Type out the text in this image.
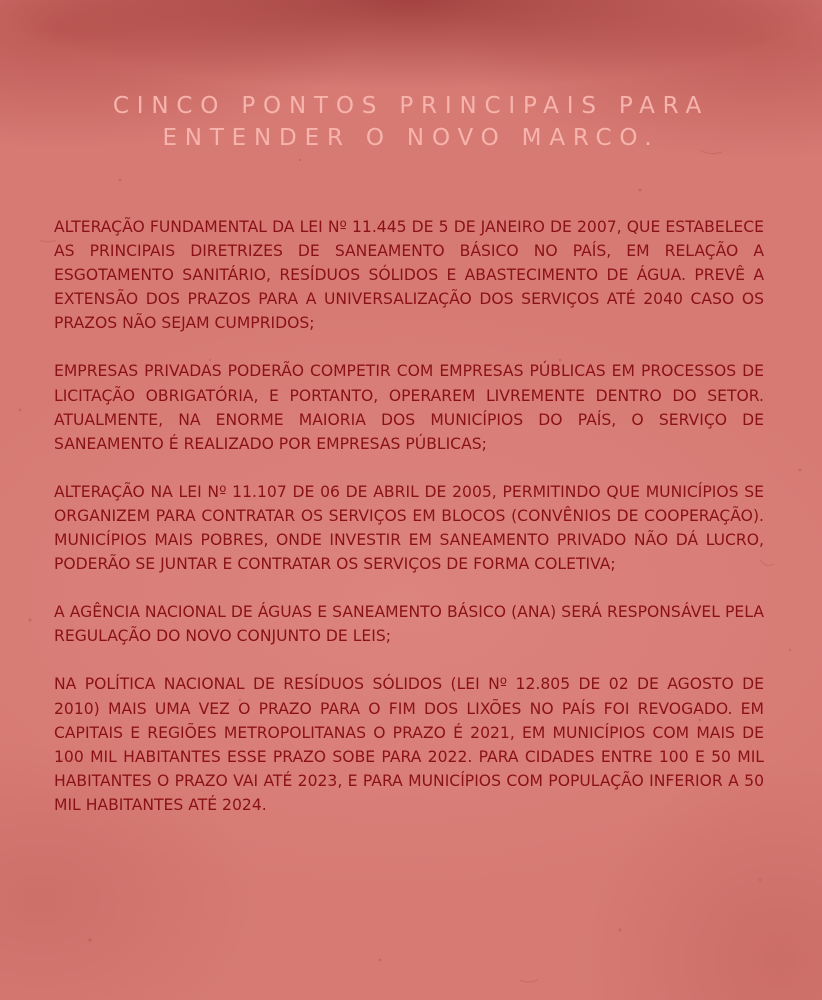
CINCO PONTOS PRINCIPAIS PARA
ENTENDER O NOVO MARCO.

ALTERAÇÃO FUNDAMENTAL DA LEI Nº 11.445 DE 5 DE JANEIRO DE 2007, QUE ESTABELECE AS PRINCIPAIS DIRETRIZES DE SANEAMENTO BÁSICO NO PAÍS, EM RELAÇÃO A ESGOTAMENTO SANITÁRIO, RESÍDUOS SÓLIDOS E ABASTECIMENTO DE ÁGUA. PREVÊ A EXTENSÃO DOS PRAZOS PARA A UNIVERSALIZAÇÃO DOS SERVIÇOS ATÉ 2040 CASO OS PRAZOS NÃO SEJAM CUMPRIDOS;

EMPRESAS PRIVADAS PODERÃO COMPETIR COM EMPRESAS PÚBLICAS EM PROCESSOS DE LICITAÇÃO OBRIGATÓRIA, E PORTANTO, OPERAREM LIVREMENTE DENTRO DO SETOR. ATUALMENTE, NA ENORME MAIORIA DOS MUNICÍPIOS DO PAÍS, O SERVIÇO DE SANEAMENTO É REALIZADO POR EMPRESAS PÚBLICAS;

ALTERAÇÃO NA LEI Nº 11.107 DE 06 DE ABRIL DE 2005, PERMITINDO QUE MUNICÍPIOS SE ORGANIZEM PARA CONTRATAR OS SERVIÇOS EM BLOCOS (CONVÊNIOS DE COOPERAÇÃO). MUNICÍPIOS MAIS POBRES, ONDE INVESTIR EM SANEAMENTO PRIVADO NÃO DÁ LUCRO, PODERÃO SE JUNTAR E CONTRATAR OS SERVIÇOS DE FORMA COLETIVA;

A AGÊNCIA NACIONAL DE ÁGUAS E SANEAMENTO BÁSICO (ANA) SERÁ RESPONSÁVEL PELA REGULAÇÃO DO NOVO CONJUNTO DE LEIS;

NA POLÍTICA NACIONAL DE RESÍDUOS SÓLIDOS (LEI Nº 12.805 DE 02 DE AGOSTO DE 2010) MAIS UMA VEZ O PRAZO PARA O FIM DOS LIXÕES NO PAÍS FOI REVOGADO. EM CAPITAIS E REGIÕES METROPOLITANAS O PRAZO É 2021, EM MUNICÍPIOS COM MAIS DE 100 MIL HABITANTES ESSE PRAZO SOBE PARA 2022. PARA CIDADES ENTRE 100 E 50 MIL HABITANTES O PRAZO VAI ATÉ 2023, E PARA MUNICÍPIOS COM POPULAÇÃO INFERIOR A 50 MIL HABITANTES ATÉ 2024.
